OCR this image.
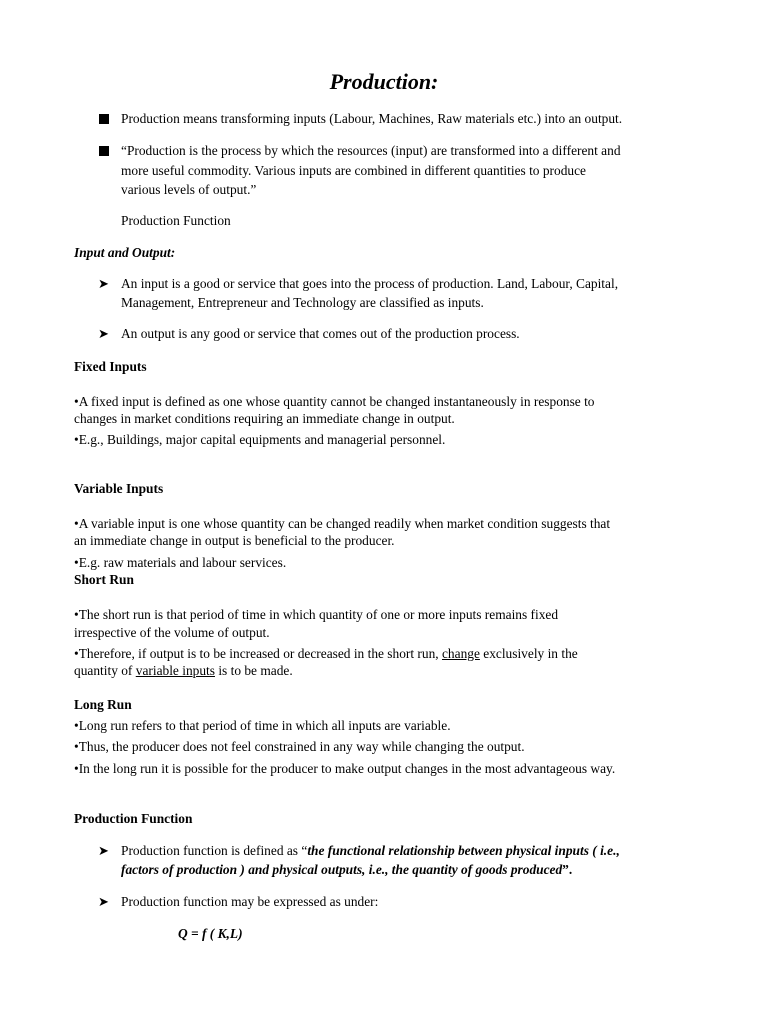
Production:

Production means transforming inputs (Labour, Machines, Raw materials etc.) into an output.

“Production is the process by which the resources (input) are transformed into a different and

more useful commodity. Various inputs are combined in different quantities to produce

various levels of output.”

Production Function

Input and Output:

➤ An input is a good or service that goes into the process of production. Land, Labour, Capital,

Management, Entrepreneur and Technology are classified as inputs.

➤ An output is any good or service that comes out of the production process.

Fixed Inputs

• A fixed input is defined as one whose quantity cannot be changed instantaneously in response to

changes in market conditions requiring an immediate change in output.

• E.g., Buildings, major capital equipments and managerial personnel.

Variable Inputs

• A variable input is one whose quantity can be changed readily when market condition suggests that

an immediate change in output is beneficial to the producer.

• E.g. raw materials and labour services.

Short Run

• The short run is that period of time in which quantity of one or more inputs remains fixed

irrespective of the volume of output.

• Therefore, if output is to be increased or decreased in the short run, change exclusively in the

quantity of variable inputs is to be made.

Long Run

• Long run refers to that period of time in which all inputs are variable.

• Thus, the producer does not feel constrained in any way while changing the output.

• In the long run it is possible for the producer to make output changes in the most advantageous way.

Production Function

➤ Production function is defined as “the functional relationship between physical inputs ( i.e.,

factors of production ) and physical outputs, i.e., the quantity of goods produced”.

➤ Production function may be expressed as under:

Q = f ( K,L)
